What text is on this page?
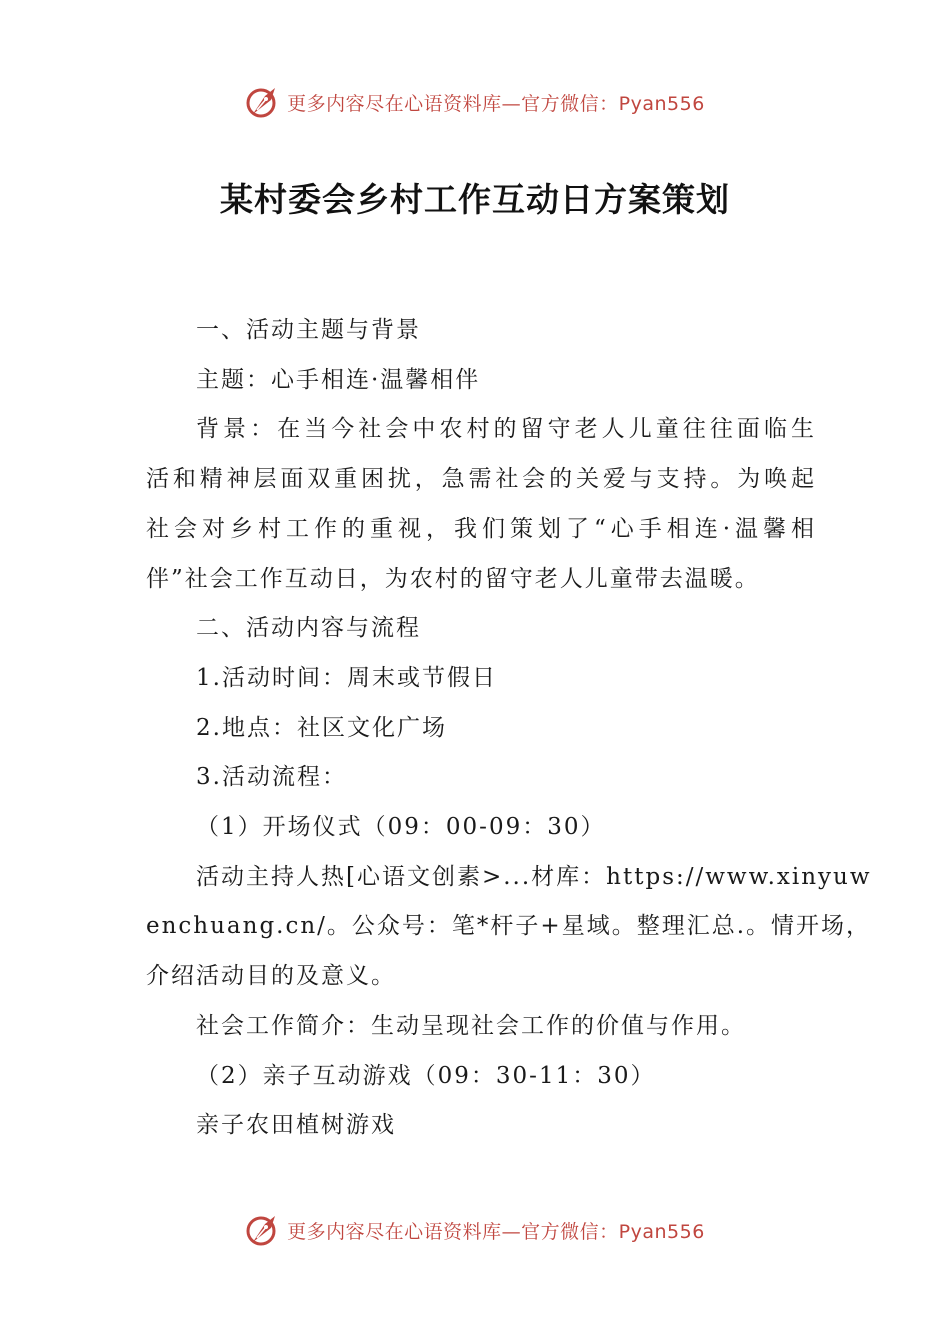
更多内容尽在心语资料库—官方微信：Pyan556
某村委会乡村工作互动日方案策划

一、活动主题与背景

主题：心手相连·温馨相伴

背景：在当今社会中农村的留守老人儿童往往面临生

活和精神层面双重困扰，急需社会的关爱与支持。为唤起

社会对乡村工作的重视，我们策划了“心手相连·温馨相

伴”社会工作互动日，为农村的留守老人儿童带去温暖。

二、活动内容与流程

1.活动时间：周末或节假日

2.地点：社区文化广场

3.活动流程：

（1）开场仪式（09：00-09：30）

活动主持人热[心语文创素>...材库：https://www.xinyuw

enchuang.cn/。公众号：笔*杆子+星域。整理汇总.。情开场，

介绍活动目的及意义。

社会工作简介：生动呈现社会工作的价值与作用。

（2）亲子互动游戏（09：30-11：30）

亲子农田植树游戏

更多内容尽在心语资料库—官方微信：Pyan556
